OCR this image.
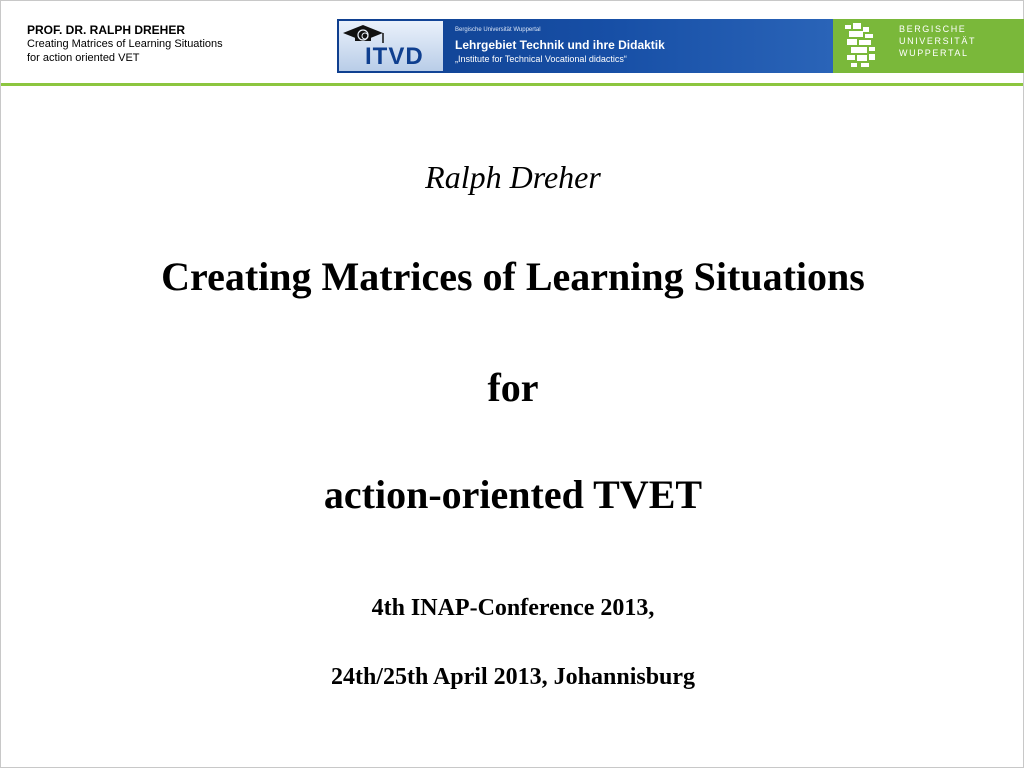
PROF. DR. RALPH DREHER
Creating Matrices of Learning Situations
for action oriented VET	ITVD
Bergische Universität Wuppertal
Lehrgebiet Technik und ihre Didaktik
„Institute for Technical Vocational didactics“
BERGISCHE
UNIVERSITÄT
WUPPERTAL
Ralph Dreher
Creating Matrices of Learning Situations
for
action-oriented TVET
4th INAP-Conference 2013,
24th/25th April 2013, Johannisburg
